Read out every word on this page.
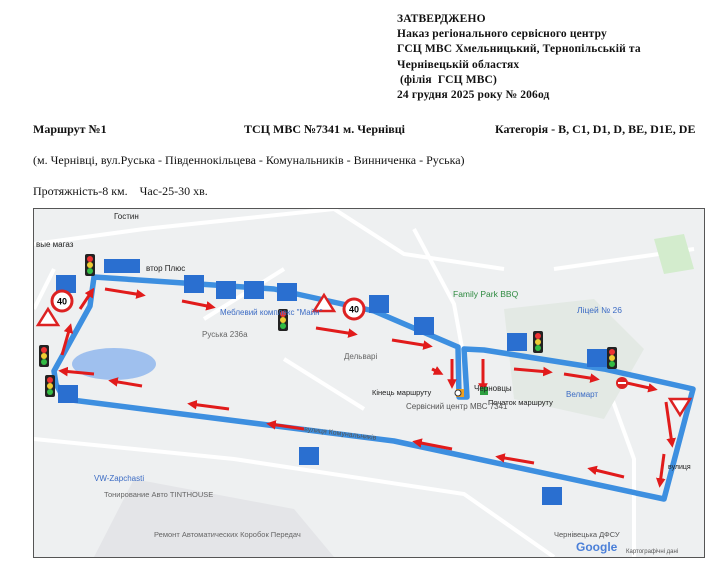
ЗАТВЕРДЖЕНО
Наказ регіонального сервісного центру
ГСЦ МВС Хмельницький, Тернопільській та
Чернівецькій областях
(філія  ГСЦ МВС)
24 грудня 2025 року № 206од
Маршрут №1	ТСЦ МВС №7341 м. Чернівці	Категорія - В, С1, D1, D, ВЕ, D1E, DE
(м. Чернівці, вул.Руська - Південнокільцева - Комунальників - Винниченка - Руська)
Протяжність-8 км.    Час-25-30 хв.
40
40
Кінець маршруту
Початок маршруту
Сервісний центр МВС 7341
Family Park BBQ
Ліцей № 26
Руська 236a
Дельварі
Меблевий комплекс "Майн"
VW-Zapchasti
Тонирование Авто TINTHOUSE
Ремонт Автоматических Коробок Передач
вулиця Комунальників
Чернівецька ДФСУ
Картографічні дані
втор Плюс
Гостин
вые магаз
Черновцы
Велмарт
вулиця
Google
